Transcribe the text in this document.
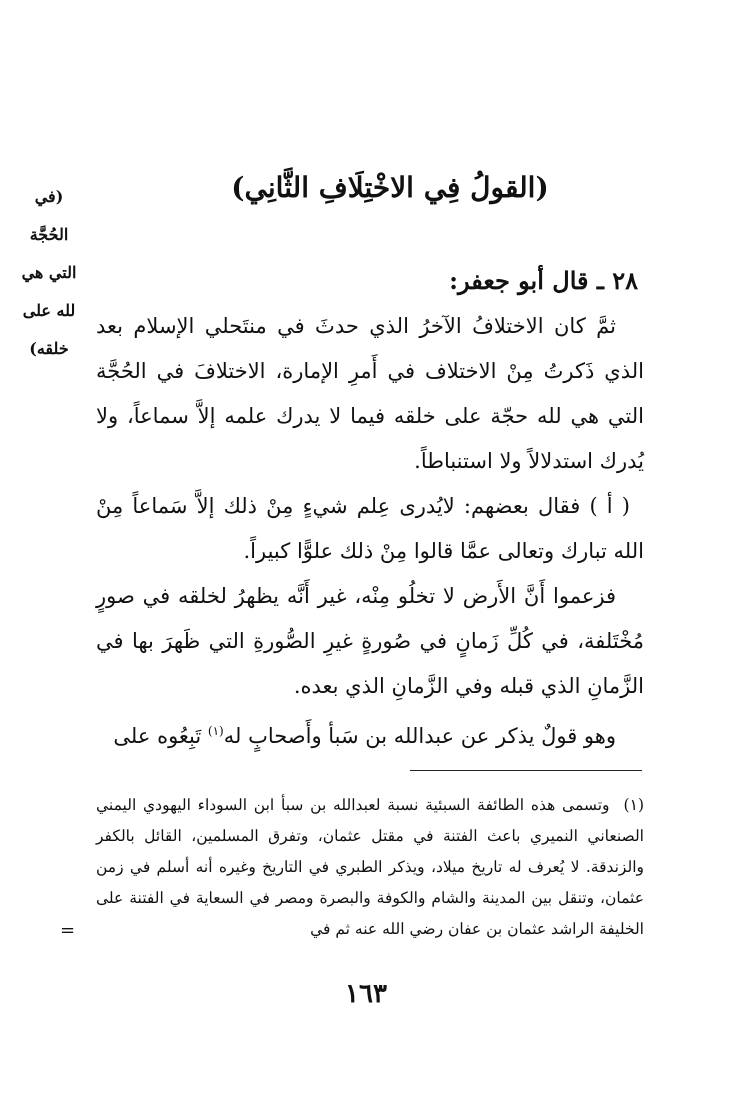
(القولُ فِي الاخْتِلَافِ الثَّانِي)
(في
الحُجَّة
التي هي
لله على
خلقه)
٢٨ ـ قال أبو جعفر:

ثمَّ كان الاختلافُ الآخرُ الذي حدثَ في منتَحلي الإسلام بعد الذي ذَكرتُ مِنْ الاختلاف في أَمرِ الإمارة، الاختلافَ في الحُجَّة التي هي لله حجّة على خلقه فيما لا يدرك علمه إلاَّ سماعاً، ولا يُدرك استدلالاً ولا استنباطاً.

( أ ) فقال بعضهم: لايُدرى عِلم شيءٍ مِنْ ذلك إلاَّ سَماعاً مِنْ الله تبارك وتعالى عمَّا قالوا مِنْ ذلك علوًّا كبيراً.

فزعموا أَنَّ الأَرض لا تخلُو مِنْه، غير أَنَّه يظهرُ لخلقه في صورٍ مُخْتَلفة، في كُلِّ زَمانٍ في صُورةٍ غيرِ الصُّورةِ التي ظَهرَ بها في الزَّمانِ الذي قبله وفي الزَّمانِ الذي بعده.

وهو قولٌ يذكر عن عبدالله بن سَبأ وأَصحابٍ له$^{(١)}$ تَبِعُوه على

(١)وتسمى هذه الطائفة السبئية نسبة لعبدالله بن سبأ ابن السوداء اليهودي اليمني الصنعاني النميري باعث الفتنة في مقتل عثمان، وتفرق المسلمين، القائل بالكفر والزندقة. لا يُعرف له تاريخ ميلاد، ويذكر الطبري في التاريخ وغيره أنه أسلم في زمن عثمان، وتنقل بين المدينة والشام والكوفة والبصرة ومصر في السعاية في الفتنة على الخليفة الراشد عثمان بن عفان رضي الله عنه ثم في

=
١٦٣
